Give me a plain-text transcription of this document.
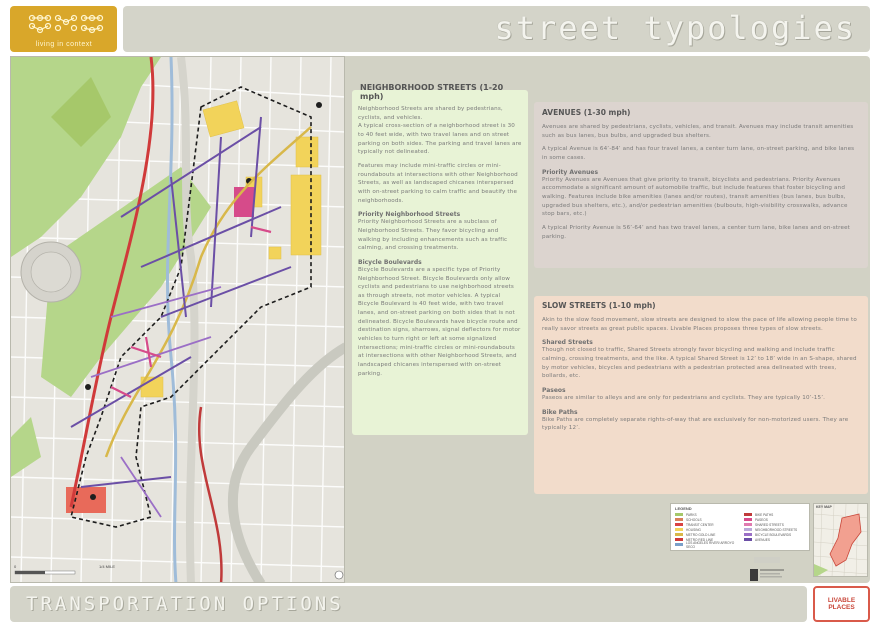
living in context	street typologies
0	1/4 MILE
NEIGHBORHOOD STREETS (1-20 mph)
Neighborhood Streets are shared by pedestrians, cyclists, and vehicles.
A typical cross-section of a neighborhood street is 30 to 40 feet wide, with two travel lanes and on street parking on both sides. The parking and travel lanes are typically not delineated.
Features may include mini-traffic circles or mini-roundabouts at intersections with other Neighborhood Streets, as well as landscaped chicanes interspersed with on-street parking to calm traffic and beautify the neighborhoods.
Priority Neighborhood Streets
Priority Neighborhood Streets are a subclass of Neighborhood Streets. They favor bicycling and walking by including enhancements such as traffic calming, and crossing treatments.
Bicycle Boulevards
Bicycle Boulevards are a specific type of Priority Neighborhood Street. Bicycle Boulevards only allow cyclists and pedestrians to use neighborhood streets as through streets, not motor vehicles. A typical Bicycle Boulevard is 40 feet wide, with two travel lanes, and on-street parking on both sides that is not delineated. Bicycle Boulevards have bicycle route and destination signs, sharrows, signal deflectors for motor vehicles to turn right or left at some signalized intersections; mini-traffic circles or mini-roundabouts at intersections with other Neighborhood Streets, and landscaped chicanes interspersed with on-street parking.
AVENUES (1-30 mph)
Avenues are shared by pedestrians, cyclists, vehicles, and transit. Avenues may include transit amenities such as bus lanes, bus bulbs, and upgraded bus shelters.
A typical Avenue is 64’-84’ and has four travel lanes, a center turn lane, on-street parking, and bike lanes in some cases.
Priority Avenues
Priority Avenues are Avenues that give priority to transit, bicyclists and pedestrians. Priority Avenues accommodate a significant amount of automobile traffic, but include features that foster bicycling and walking. Features include bike amenities (lanes and/or routes), transit amenities (bus lanes, bus bulbs, upgraded bus shelters, etc.), and/or pedestrian amenities (bulbouts, high-visibility crosswalks, advance stop bars, etc.)
A typical Priority Avenue is 56’-64’ and has two travel lanes, a center turn lane, bike lanes and on-street parking.
SLOW STREETS (1-10 mph)
Akin to the slow food movement, slow streets are designed to slow the pace of life allowing people time to really savor streets as great public spaces. Livable Places proposes three types of slow streets.
Shared Streets
Though not closed to traffic, Shared Streets strongly favor bicycling and walking and include traffic calming, crossing treatments, and the like. A typical Shared Street is 12’ to 18’ wide in an S-shape, shared by motor vehicles, bicycles and pedestrians with a pedestrian protected area delineated with trees, bollards, etc.
Paseos
Paseos are similar to alleys and are only for pedestrians and cyclists. They are typically 10’-15’.
Bike Paths
Bike Paths are completely separate rights-of-way that are exclusively for non-motorized users. They are typically 12’.
LEGEND
PARKS
SCHOOLS
TRANSIT CENTER
HOUSING
METRO GOLD LINE
METRO RED LINE
LOS ANGELES RIVER/ ARROYO SECO
BIKE PATHS
PASEOS
SHARED STREETS
NEIGHBORHOOD STREETS
BICYCLE BOULEVARDS
AVENUES
KEY MAP
TRANSPORTATION OPTIONS	LIVABLE PLACES
